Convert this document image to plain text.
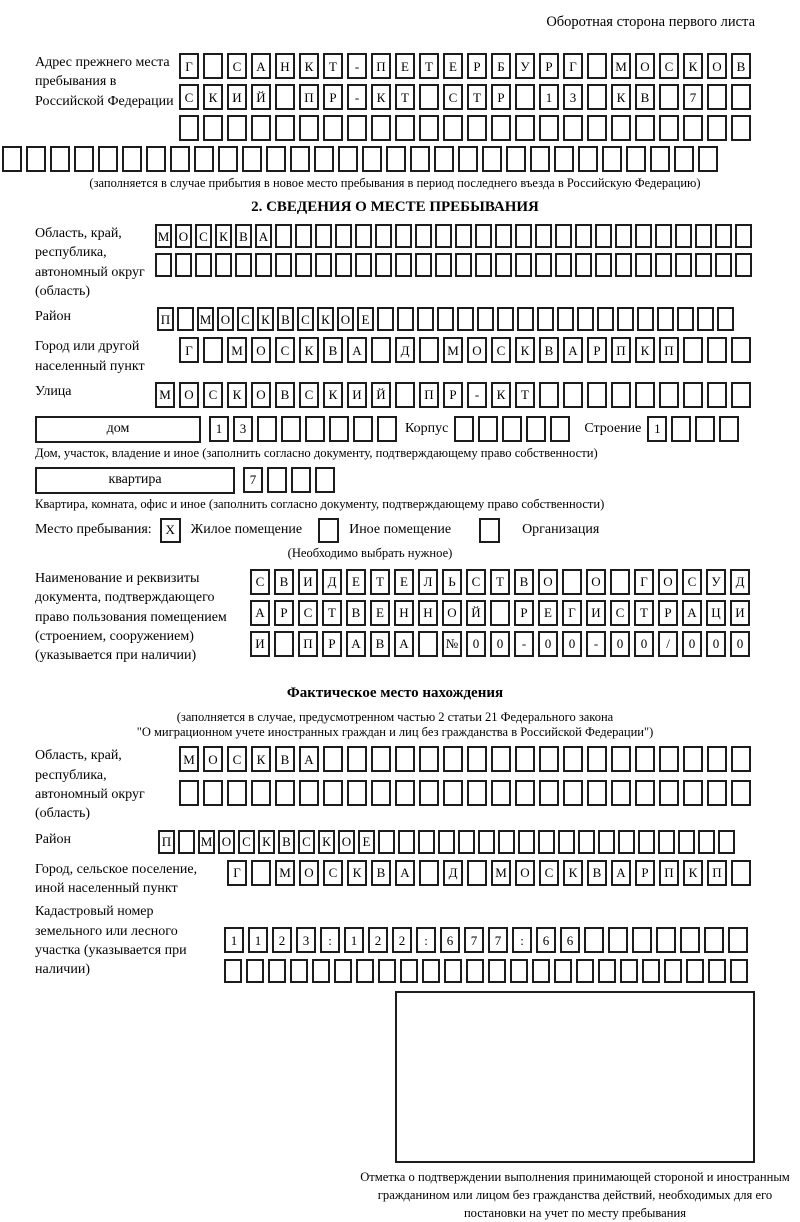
Оборотная сторона первого листа
Адрес прежнего места пребывания в Российской Федерации
Г	С	А	Н	К	Т	-	П	Е	Т	Е	Р	Б	У	Р	Г	М	О	С	К	О	В
С	К	И	Й	П	Р	-	К	Т	С	Т	Р	1	3	К	В	7
(заполняется в случае прибытия в новое место пребывания в период последнего въезда в Российскую Федерацию)
2. СВЕДЕНИЯ О МЕСТЕ ПРЕБЫВАНИЯ
Область, край, республика, автономный округ (область)
М О С К В А
Район	П М О С К В С К О Е
Город или другой населенный пункт
Г	М	О	С	К	В	А	Д	М	О	С	К	В	А	Р	П	К	П
Улица	М	О	С	К	О	В	С	К	И	Й	П	Р	-	К	Т
дом	1	3	Корпус	Строение 1
Дом, участок, владение и иное (заполнить согласно документу, подтверждающему право собственности)
квартира	7
Квартира, комната, офис и иное (заполнить согласно документу, подтверждающему право собственности)
Место пребывания:	X	Жилое помещение	Иное помещение	Организация
(Необходимо выбрать нужное)
Наименование и реквизиты документа, подтверждающего право пользования помещением (строением, сооружением) (указывается при наличии)
С	В	И	Д	Е	Т	Е	Л	Ь	С	Т	В	О	О	Г	О	С	У	Д
А	Р	С	Т	В	Е	Н	Н	О	Й	Р	Е	Г	И	С	Т	Р	А	Ц	И
И	П	Р	А	В	А	№	0	0	-	0	0	-	0	0	/	0	0	0
Фактическое место нахождения
(заполняется в случае, предусмотренном частью 2 статьи 21 Федерального закона
"О миграционном учете иностранных граждан и лиц без гражданства в Российской Федерации")
Область, край, республика, автономный округ (область)
М	О	С	К	В	А
Район	П М О С К В С К О Е
Город, сельское поселение, иной населенный пункт
Г	М	О	С	К	В	А	Д	М	О	С	К	В	А	Р	П	К	П
Кадастровый номер земельного или лесного участка (указывается при наличии)
1	1	2	3	:	1	2	2	:	6	7	7	:	6	6
Отметка о подтверждении выполнения принимающей стороной и иностранным гражданином или лицом без гражданства действий, необходимых для его постановки на учет по месту пребывания
